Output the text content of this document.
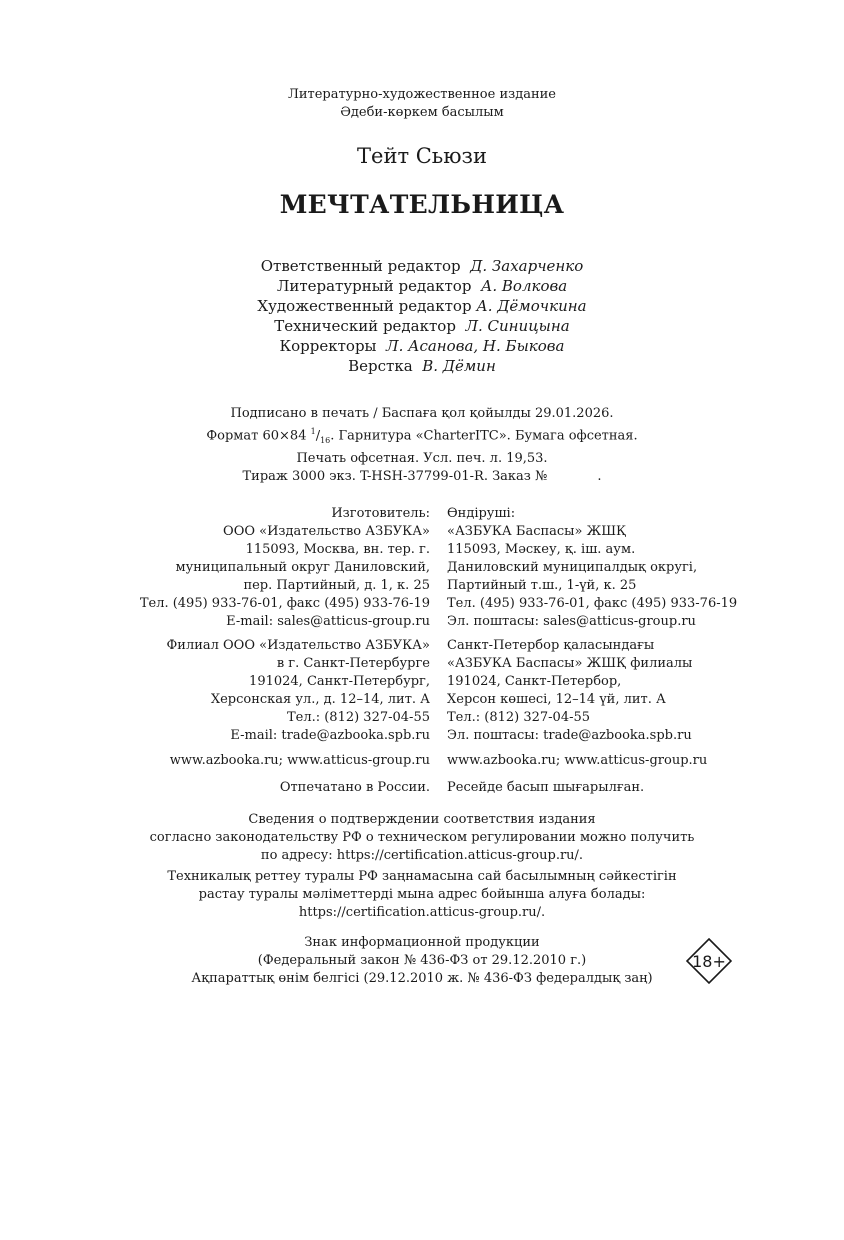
Литературно-художественное издание
Әдеби-көркем басылым
Тейт Сьюзи
МЕЧТАТЕЛЬНИЦА
Ответственный редактор Д. Захарченко
Литературный редактор А. Волкова
Художественный редактор А. Дёмочкина
Технический редактор Л. Синицына
Корректоры Л. Асанова, Н. Быкова
Верстка В. Дёмин
Подписано в печать / Баспаға қол қойылды 29.01.2026.
Формат 60×84 $^1/_{16}$. Гарнитура «CharterITC». Бумага офсетная.
Печать офсетная. Усл. печ. л. 19,53.
Тираж 3000 экз. T-HSH-37799-01-R. Заказ №	.
Изготовитель:
ООО «Издательство АЗБУКА»
115093, Москва, вн. тер. г.
муниципальный округ Даниловский,
пер. Партийный, д. 1, к. 25
Тел. (495) 933-76-01, факс (495) 933-76-19
E-mail: sales@atticus-group.ru
Өндіруші:
«АЗБУКА Баспасы» ЖШҚ
115093, Мәскеу, қ. іш. аум.
Даниловский муниципалдық округі,
Партийный т.ш., 1-үй, к. 25
Тел. (495) 933-76-01, факс (495) 933-76-19
Эл. поштасы: sales@atticus-group.ru
Филиал ООО «Издательство АЗБУКА»
в г. Санкт-Петербурге
191024, Санкт-Петербург,
Херсонская ул., д. 12–14, лит. А
Тел.: (812) 327-04-55
E-mail: trade@azbooka.spb.ru
Санкт-Петербор қаласындағы
«АЗБУКА Баспасы» ЖШҚ филиалы
191024, Санкт-Петербор,
Херсон көшесі, 12–14 үй, лит. А
Тел.: (812) 327-04-55
Эл. поштасы: trade@azbooka.spb.ru
www.azbooka.ru; www.atticus-group.ru www.azbooka.ru; www.atticus-group.ru
Отпечатано в России. Ресейде басып шығарылған.
Сведения о подтверждении соответствия издания
согласно законодательству РФ о техническом регулировании можно получить
по адресу: https://certification.atticus-group.ru/.
Техникалық реттеу туралы РФ заңнамасына сай басылымның сәйкестігін
растау туралы мәліметтерді мына адрес бойынша алуға болады:
https://certification.atticus-group.ru/.
Знак информационной продукции
(Федеральный закон № 436-ФЗ от 29.12.2010 г.)
Ақпараттық өнім белгісі (29.12.2010 ж. № 436-ФЗ федералдық заң)
18+
